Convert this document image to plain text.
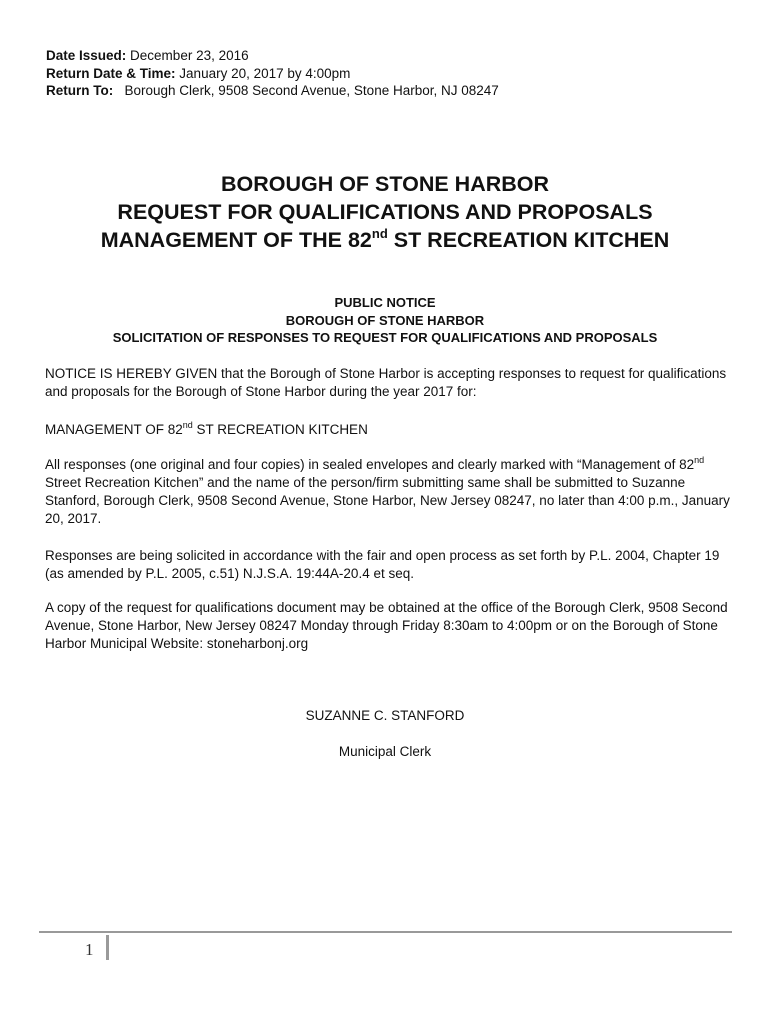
Date Issued: December 23, 2016
Return Date & Time: January 20, 2017 by 4:00pm
Return To: Borough Clerk, 9508 Second Avenue, Stone Harbor, NJ 08247
BOROUGH OF STONE HARBOR
REQUEST FOR QUALIFICATIONS AND PROPOSALS
MANAGEMENT OF THE 82nd ST RECREATION KITCHEN
PUBLIC NOTICE
BOROUGH OF STONE HARBOR
SOLICITATION OF RESPONSES TO REQUEST FOR QUALIFICATIONS AND PROPOSALS
NOTICE IS HEREBY GIVEN that the Borough of Stone Harbor is accepting responses to request for qualifications and proposals for the Borough of Stone Harbor during the year 2017 for:
MANAGEMENT OF 82nd ST RECREATION KITCHEN
All responses (one original and four copies) in sealed envelopes and clearly marked with “Management of 82nd Street Recreation Kitchen” and the name of the person/firm submitting same shall be submitted to Suzanne Stanford, Borough Clerk, 9508 Second Avenue, Stone Harbor, New Jersey 08247, no later than 4:00 p.m., January 20, 2017.
Responses are being solicited in accordance with the fair and open process as set forth by P.L. 2004, Chapter 19 (as amended by P.L. 2005, c.51) N.J.S.A. 19:44A-20.4 et seq.
A copy of the request for qualifications document may be obtained at the office of the Borough Clerk, 9508 Second Avenue, Stone Harbor, New Jersey 08247 Monday through Friday 8:30am to 4:00pm or on the Borough of Stone Harbor Municipal Website: stoneharbonj.org
SUZANNE C. STANFORD
Municipal Clerk
1
